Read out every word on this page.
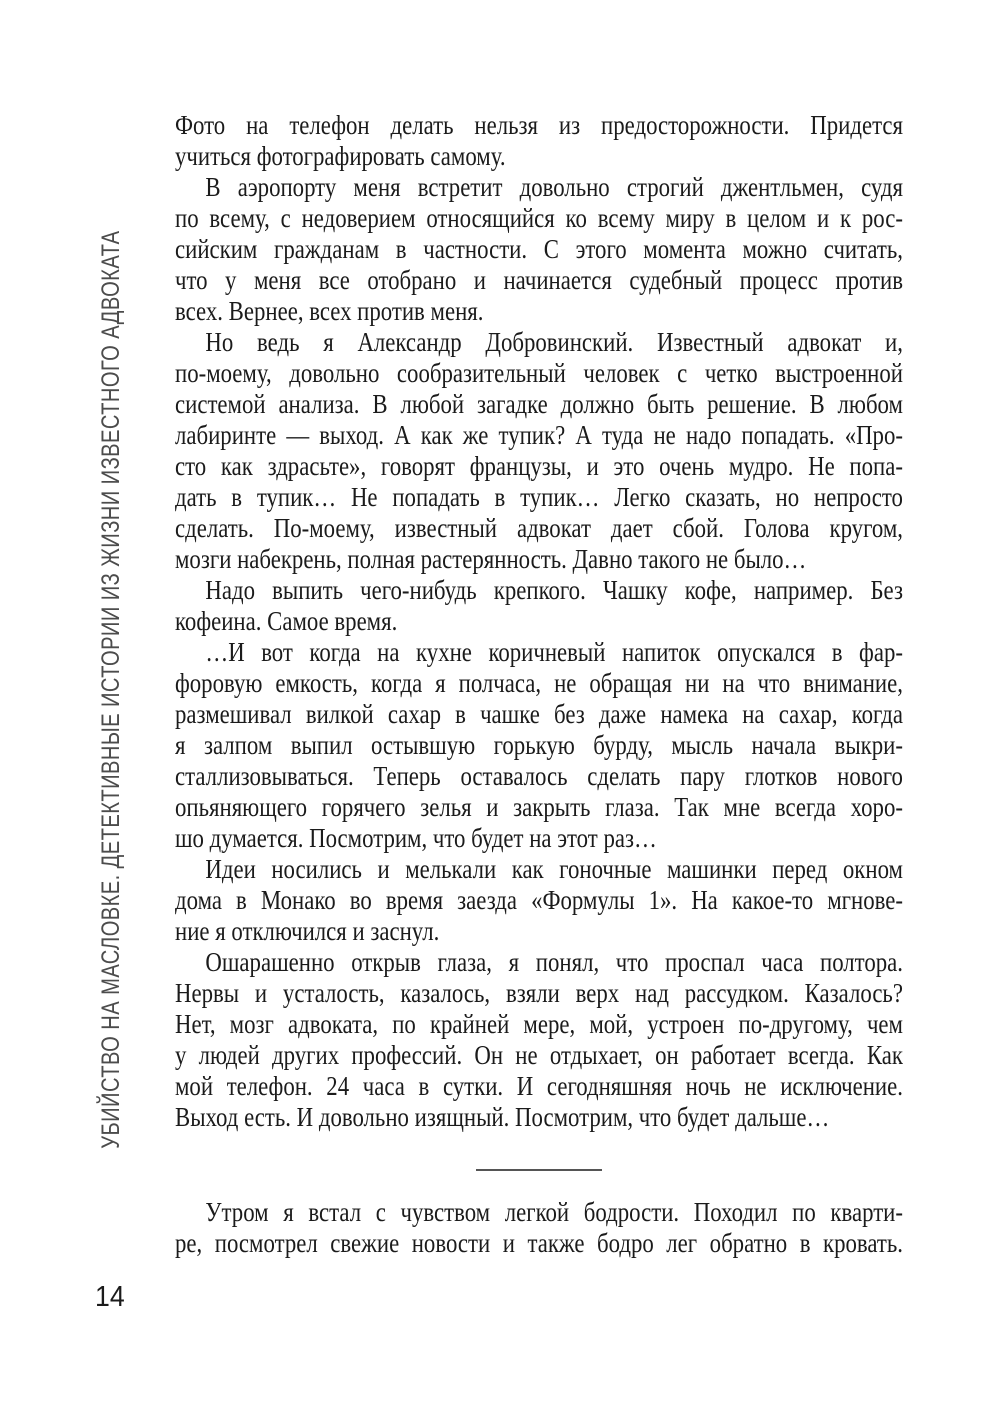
УБИЙСТВО НА МАСЛОВКЕ. ДЕТЕКТИВНЫЕ ИСТОРИИ ИЗ ЖИЗНИ ИЗВЕСТНОГО АДВОКАТА
Фото на телефон делать нельзя из предосторожности. Придется
учиться фотографировать самому.
В аэропорту меня встретит довольно строгий джентльмен, судя
по всему, с недоверием относящийся ко всему миру в целом и к рос-
сийским гражданам в частности. С этого момента можно считать,
что у меня все отобрано и начинается судебный процесс против
всех. Вернее, всех против меня.
Но ведь я Александр Добровинский. Известный адвокат и,
по-моему, довольно сообразительный человек с четко выстроенной
системой анализа. В любой загадке должно быть решение. В любом
лабиринте — выход. А как же тупик? А туда не надо попадать. «Про-
сто как здрасьте», говорят французы, и это очень мудро. Не попа-
дать в тупик… Не попадать в тупик… Легко сказать, но непросто
сделать. По-моему, известный адвокат дает сбой. Голова кругом,
мозги набекрень, полная растерянность. Давно такого не было…
Надо выпить чего-нибудь крепкого. Чашку кофе, например. Без
кофеина. Самое время.
…И вот когда на кухне коричневый напиток опускался в фар-
форовую емкость, когда я полчаса, не обращая ни на что внимание,
размешивал вилкой сахар в чашке без даже намека на сахар, когда
я залпом выпил остывшую горькую бурду, мысль начала выкри-
сталлизовываться. Теперь оставалось сделать пару глотков нового
опьяняющего горячего зелья и закрыть глаза. Так мне всегда хоро-
шо думается. Посмотрим, что будет на этот раз…
Идеи носились и мелькали как гоночные машинки перед окном
дома в Монако во время заезда «Формулы 1». На какое-то мгнове-
ние я отключился и заснул.
Ошарашенно открыв глаза, я понял, что проспал часа полтора.
Нервы и усталость, казалось, взяли верх над рассудком. Казалось?
Нет, мозг адвоката, по крайней мере, мой, устроен по-другому, чем
у людей других профессий. Он не отдыхает, он работает всегда. Как
мой телефон. 24 часа в сутки. И сегодняшняя ночь не исключение.
Выход есть. И довольно изящный. Посмотрим, что будет дальше…
Утром я встал с чувством легкой бодрости. Походил по кварти-
ре, посмотрел свежие новости и также бодро лег обратно в кровать.
14
